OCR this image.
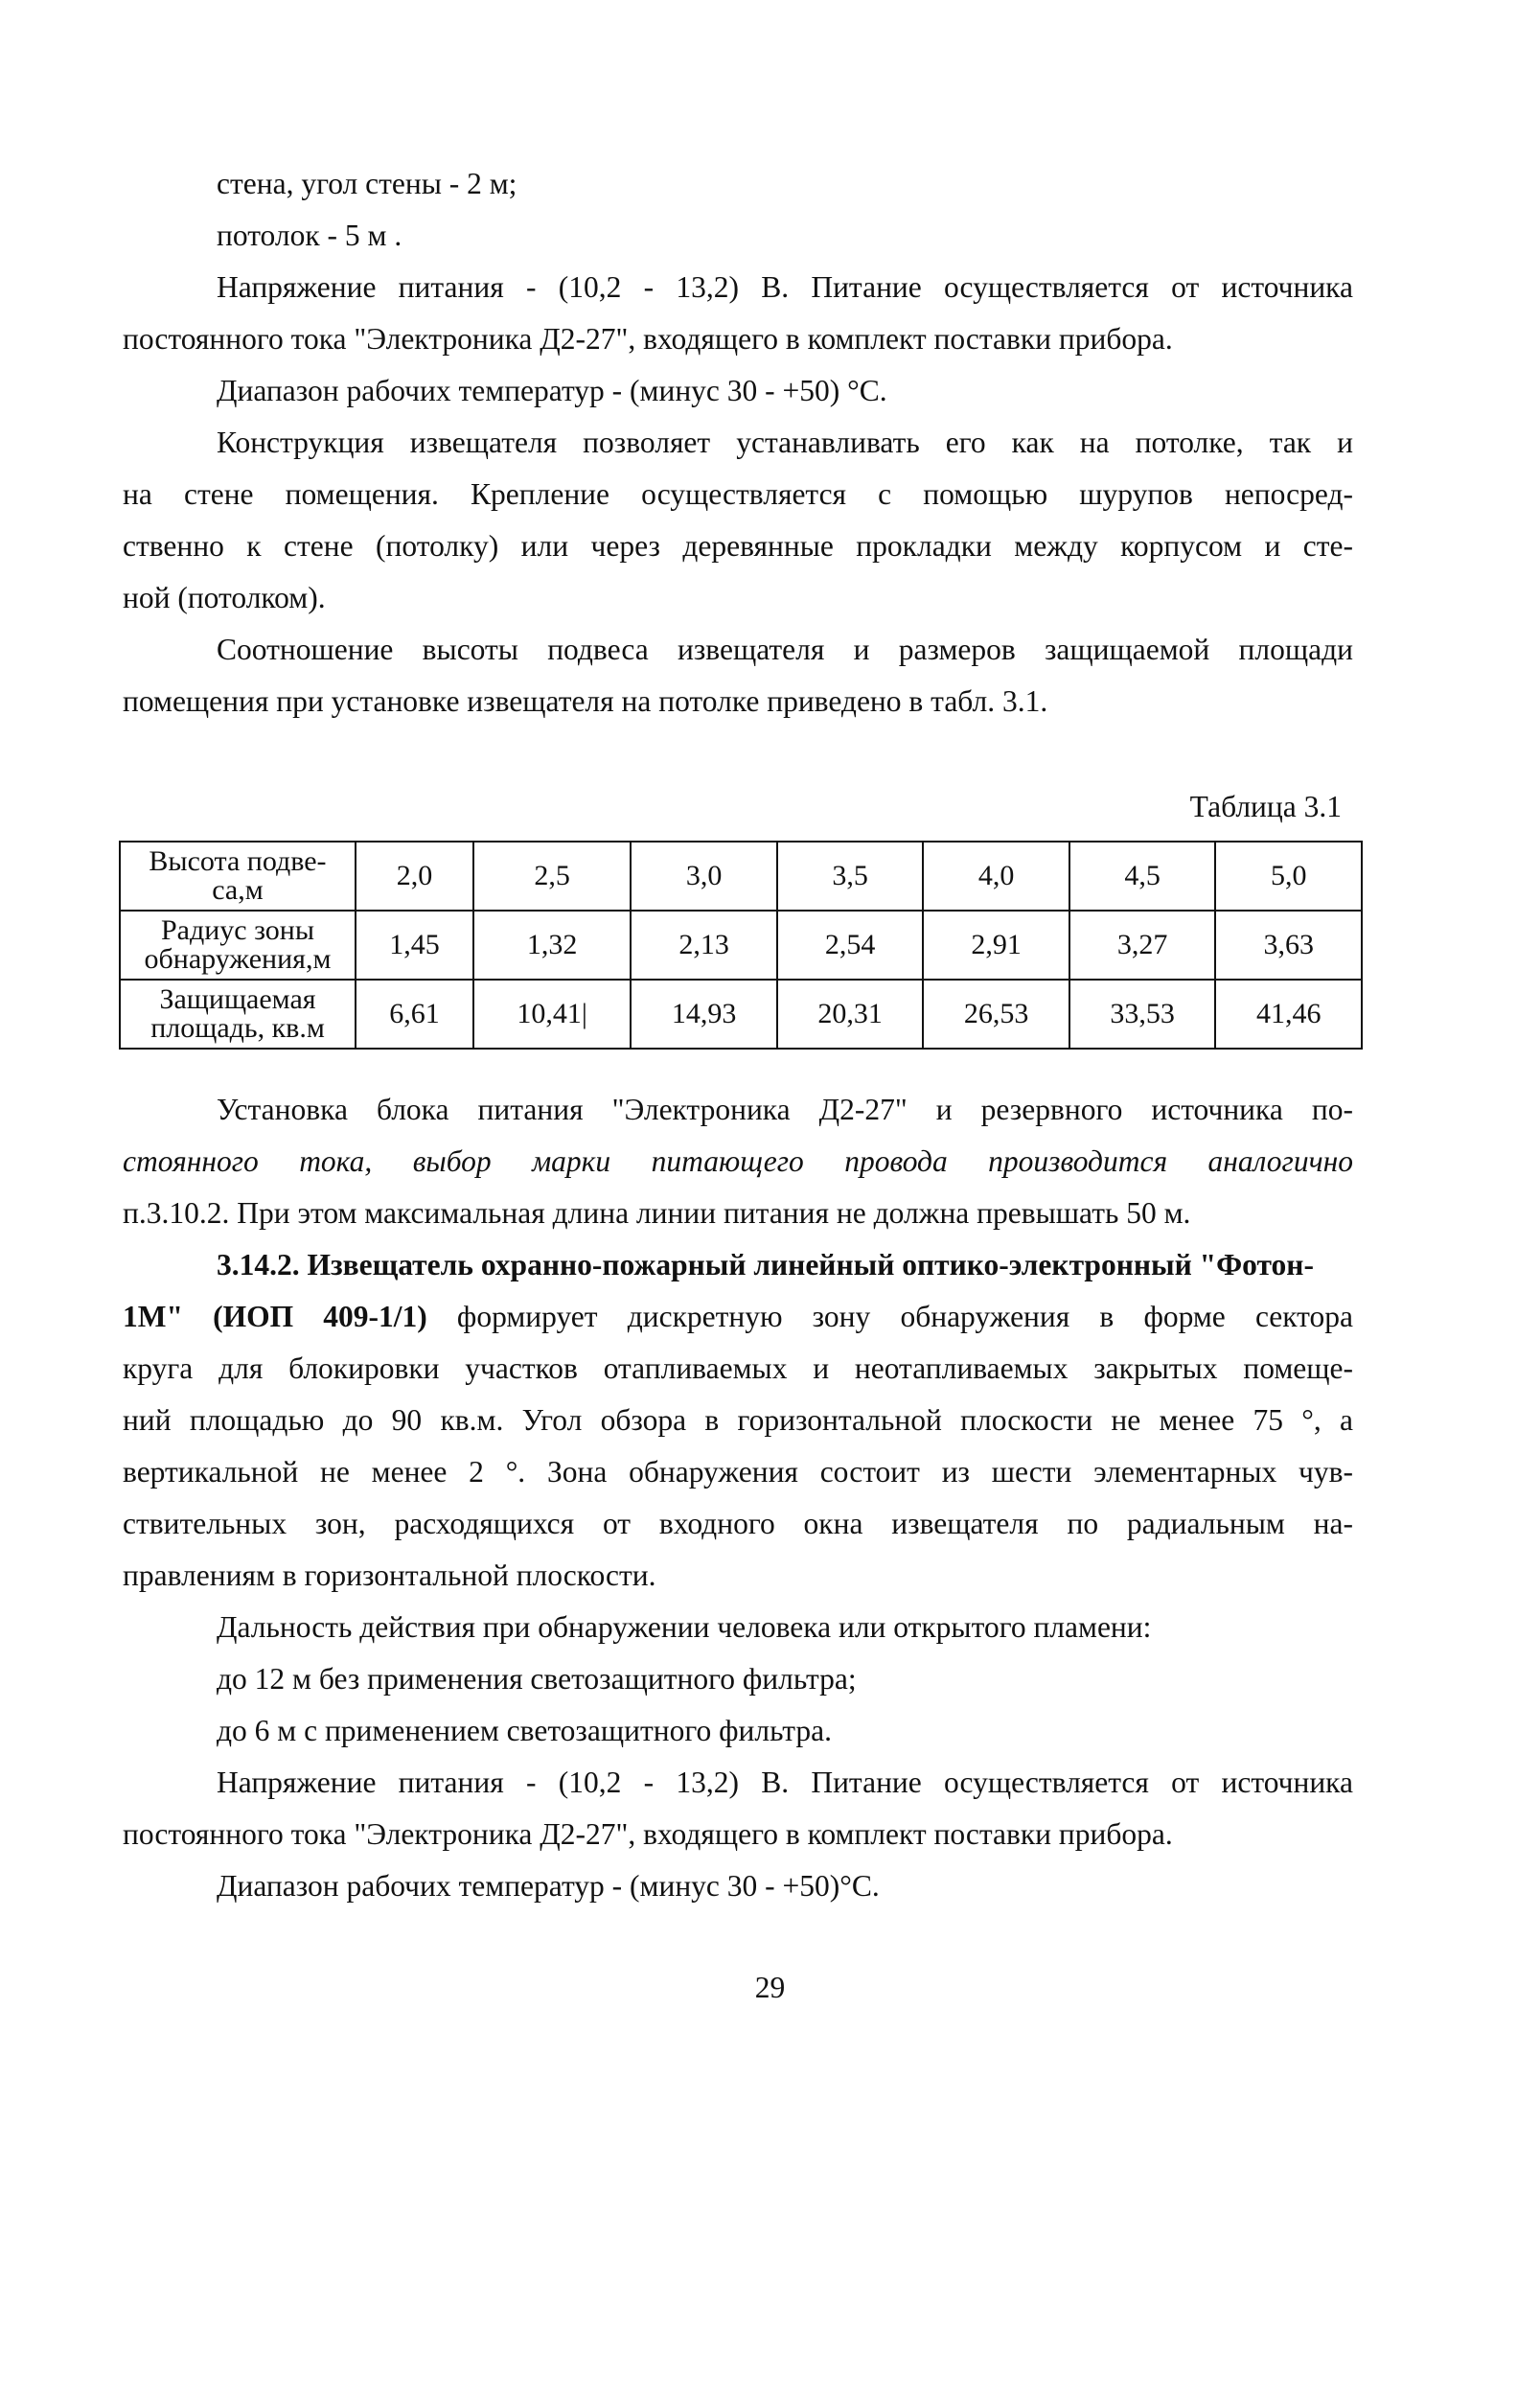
стена, угол стены - 2 м;

потолок - 5 м .

Напряжение питания - (10,2 - 13,2) В. Питание осуществляется от источника

постоянного тока "Электроника Д2-27", входящего в комплект поставки прибора.

Диапазон рабочих температур - (минус 30 - +50) °С.

Конструкция извещателя позволяет устанавливать его как на потолке, так и

на стене помещения. Крепление осуществляется с помощью шурупов непосред-

ственно к стене (потолку) или через деревянные прокладки между корпусом и сте-

ной (потолком).

Соотношение высоты подвеса извещателя и размеров защищаемой площади

помещения при установке извещателя на потолке приведено в табл. 3.1.

Таблица 3.1
Высота подве-
са,м	2,0	2,5	3,0	3,5	4,0	4,5	5,0

Радиус зоны
обнаружения,м	1,45	1,32	2,13	2,54	2,91	3,27	3,63

Защищаемая
площадь, кв.м	6,61	10,41|	14,93	20,31	26,53	33,53	41,46

Установка блока питания "Электроника Д2-27" и резервного источника по-

стоянного тока, выбор марки питающего провода производится аналогично

п.3.10.2. При этом максимальная длина линии питания не должна превышать 50 м.

3.14.2. Извещатель охранно-пожарный линейный оптико-электронный "Фотон-

1М" (ИОП 409-1/1) формирует дискретную зону обнаружения в форме сектора

круга для блокировки участков отапливаемых и неотапливаемых закрытых помеще-

ний площадью до 90 кв.м. Угол обзора в горизонтальной плоскости не менее 75 °, а

вертикальной не менее 2 °. Зона обнаружения состоит из шести элементарных чув-

ствительных зон, расходящихся от входного окна извещателя по радиальным на-

правлениям в горизонтальной плоскости.

Дальность действия при обнаружении человека или открытого пламени:

до 12 м без применения светозащитного фильтра;

до 6 м с применением светозащитного фильтра.

Напряжение питания - (10,2 - 13,2) В. Питание осуществляется от источника

постоянного тока "Электроника Д2-27", входящего в комплект поставки прибора.

Диапазон рабочих температур - (минус 30 - +50)°С.

29
